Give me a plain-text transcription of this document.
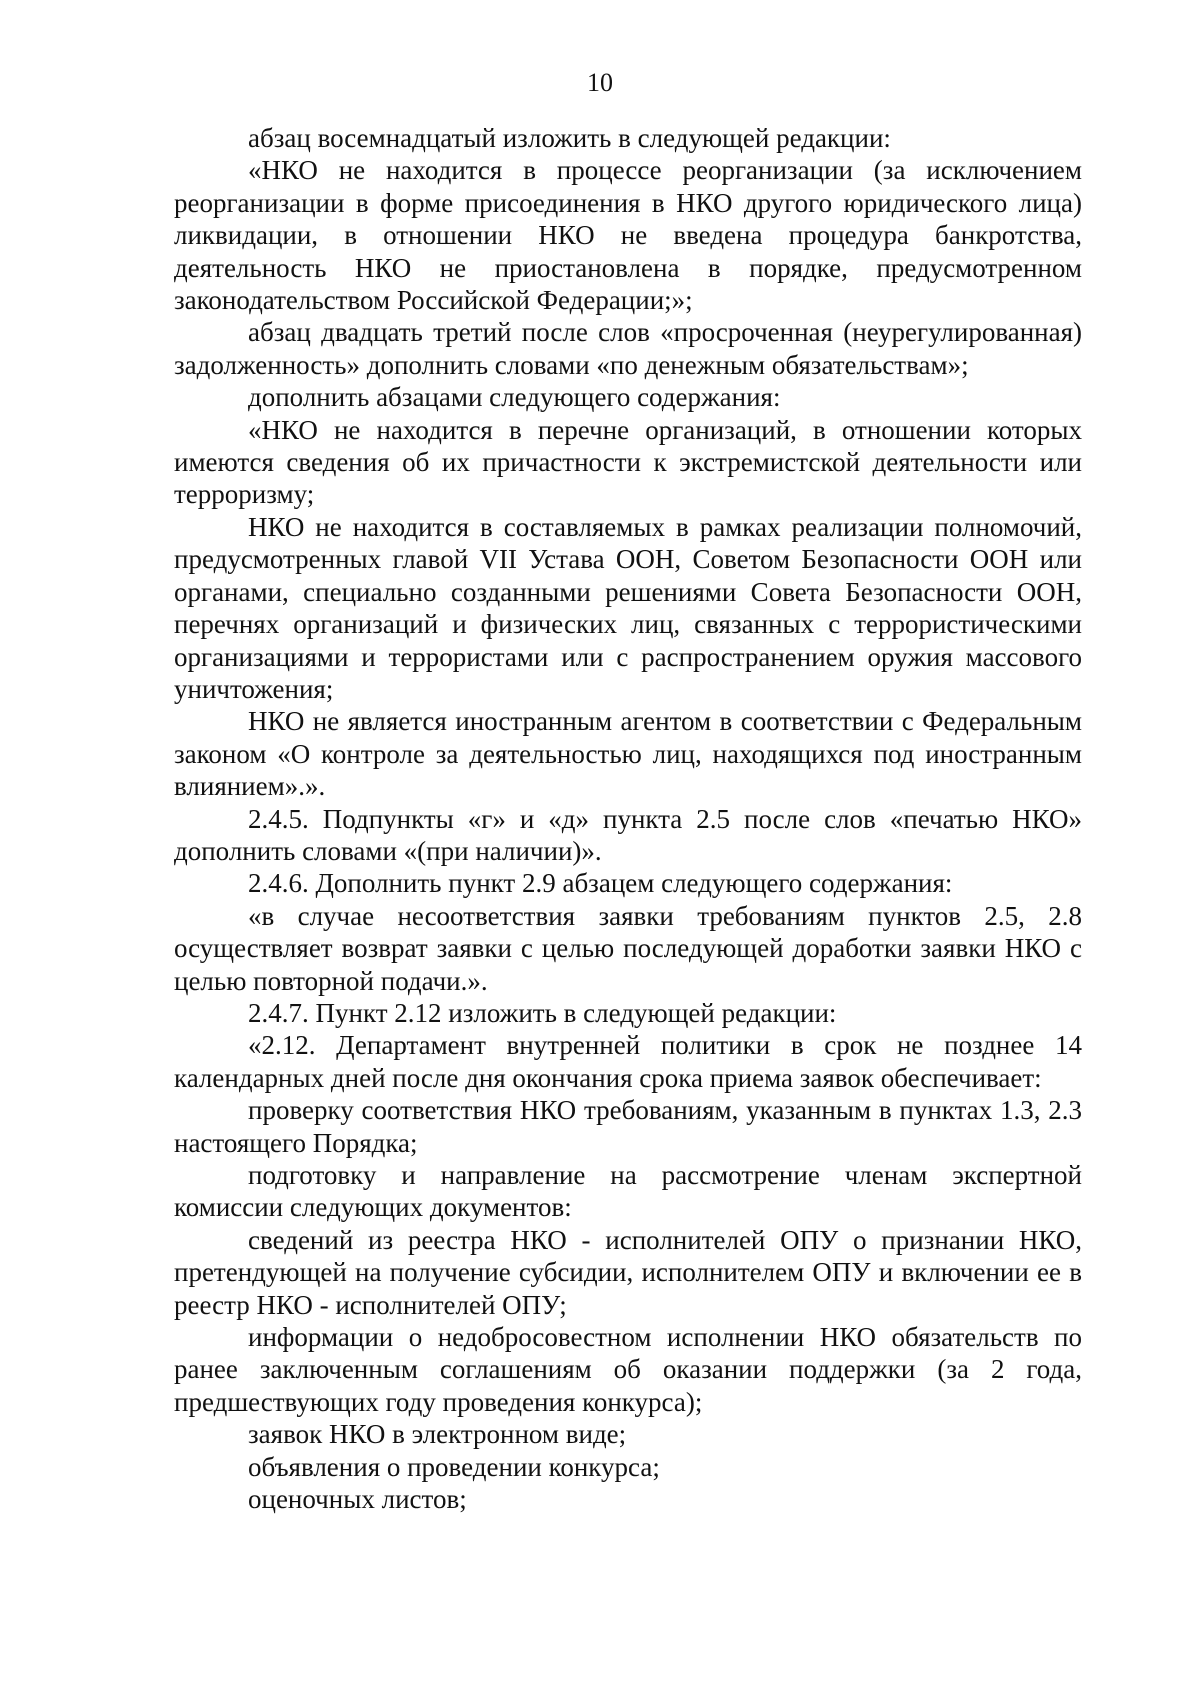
10

абзац восемнадцатый изложить в следующей редакции:

«НКО не находится в процессе реорганизации (за исключением реорганизации в форме присоединения в НКО другого юридического лица) ликвидации, в отношении НКО не введена процедура банкротства, деятельность НКО не приостановлена в порядке, предусмотренном законодательством Российской Федерации;»;

абзац двадцать третий после слов «просроченная (неурегулированная) задолженность» дополнить словами «по денежным обязательствам»;

дополнить абзацами следующего содержания:

«НКО не находится в перечне организаций, в отношении которых имеются сведения об их причастности к экстремистской деятельности или терроризму;

НКО не находится в составляемых в рамках реализации полномочий, предусмотренных главой VII Устава ООН, Советом Безопасности ООН или органами, специально созданными решениями Совета Безопасности ООН, перечнях организаций и физических лиц, связанных с террористическими организациями и террористами или с распространением оружия массового уничтожения;

НКО не является иностранным агентом в соответствии с Федеральным законом «О контроле за деятельностью лиц, находящихся под иностранным влиянием».».

2.4.5. Подпункты «г» и «д» пункта 2.5 после слов «печатью НКО» дополнить словами «(при наличии)».

2.4.6. Дополнить пункт 2.9 абзацем следующего содержания:

«в случае несоответствия заявки требованиям пунктов 2.5, 2.8 осуществляет возврат заявки с целью последующей доработки заявки НКО с целью повторной подачи.».

2.4.7. Пункт 2.12 изложить в следующей редакции:

«2.12. Департамент внутренней политики в срок не позднее 14 календарных дней после дня окончания срока приема заявок обеспечивает:

проверку соответствия НКО требованиям, указанным в пунктах 1.3, 2.3 настоящего Порядка;

подготовку и направление на рассмотрение членам экспертной комиссии следующих документов:

сведений из реестра НКО - исполнителей ОПУ о признании НКО, претендующей на получение субсидии, исполнителем ОПУ и включении ее в реестр НКО - исполнителей ОПУ;

информации о недобросовестном исполнении НКО обязательств по ранее заключенным соглашениям об оказании поддержки (за 2 года, предшествующих году проведения конкурса);

заявок НКО в электронном виде;

объявления о проведении конкурса;

оценочных листов;
